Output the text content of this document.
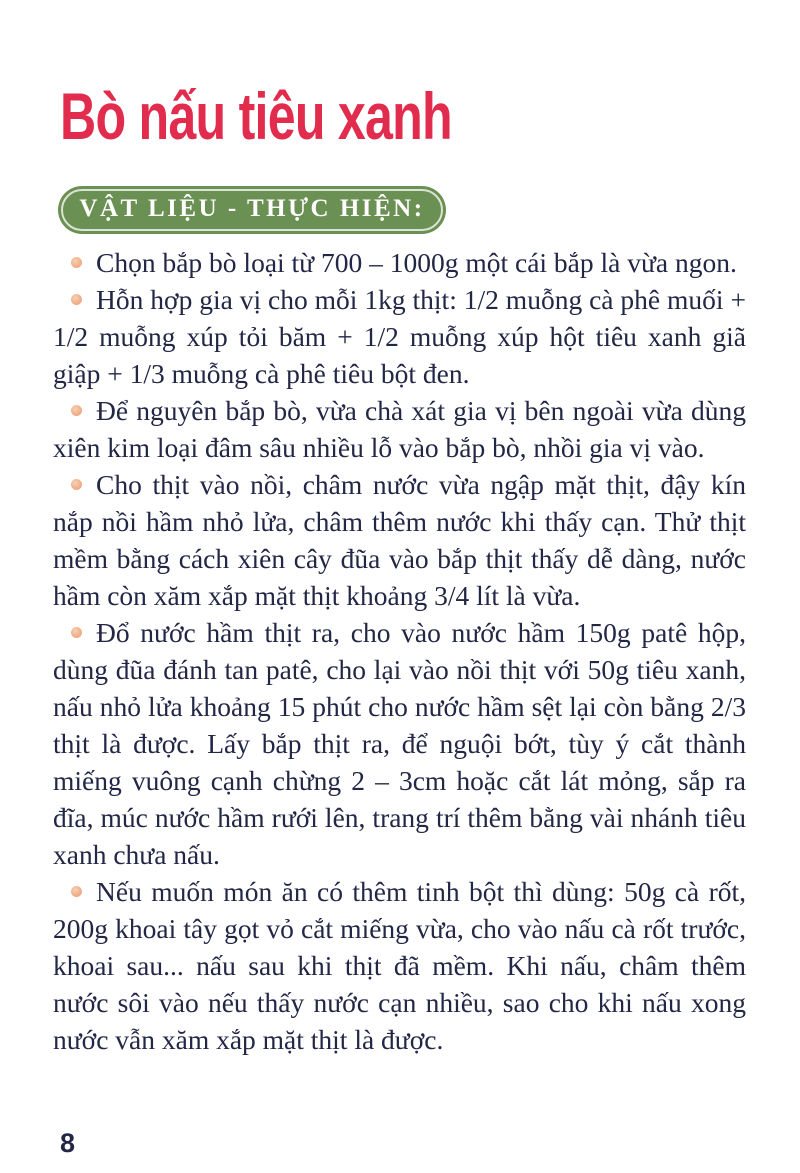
Bò nấu tiêu xanh
VẬT LIỆU - THỰC HIỆN:

Chọn bắp bò loại từ 700 – 1000g một cái bắp là vừa ngon.

Hỗn hợp gia vị cho mỗi 1kg thịt: 1/2 muỗng cà phê muối + 1/2 muỗng xúp tỏi băm + 1/2 muỗng xúp hột tiêu xanh giã giập + 1/3 muỗng cà phê tiêu bột đen.

Để nguyên bắp bò, vừa chà xát gia vị bên ngoài vừa dùng xiên kim loại đâm sâu nhiều lỗ vào bắp bò, nhồi gia vị vào.

Cho thịt vào nồi, châm nước vừa ngập mặt thịt, đậy kín nắp nồi hầm nhỏ lửa, châm thêm nước khi thấy cạn. Thử thịt mềm bằng cách xiên cây đũa vào bắp thịt thấy dễ dàng, nước hầm còn xăm xắp mặt thịt khoảng 3/4 lít là vừa.

Đổ nước hầm thịt ra, cho vào nước hầm 150g patê hộp, dùng đũa đánh tan patê, cho lại vào nồi thịt với 50g tiêu xanh, nấu nhỏ lửa khoảng 15 phút cho nước hầm sệt lại còn bằng 2/3 thịt là được. Lấy bắp thịt ra, để nguội bớt, tùy ý cắt thành miếng vuông cạnh chừng 2 – 3cm hoặc cắt lát mỏng, sắp ra đĩa, múc nước hầm rưới lên, trang trí thêm bằng vài nhánh tiêu xanh chưa nấu.

Nếu muốn món ăn có thêm tinh bột thì dùng: 50g cà rốt, 200g khoai tây gọt vỏ cắt miếng vừa, cho vào nấu cà rốt trước, khoai sau... nấu sau khi thịt đã mềm. Khi nấu, châm thêm nước sôi vào nếu thấy nước cạn nhiều, sao cho khi nấu xong nước vẫn xăm xắp mặt thịt là được.

8
